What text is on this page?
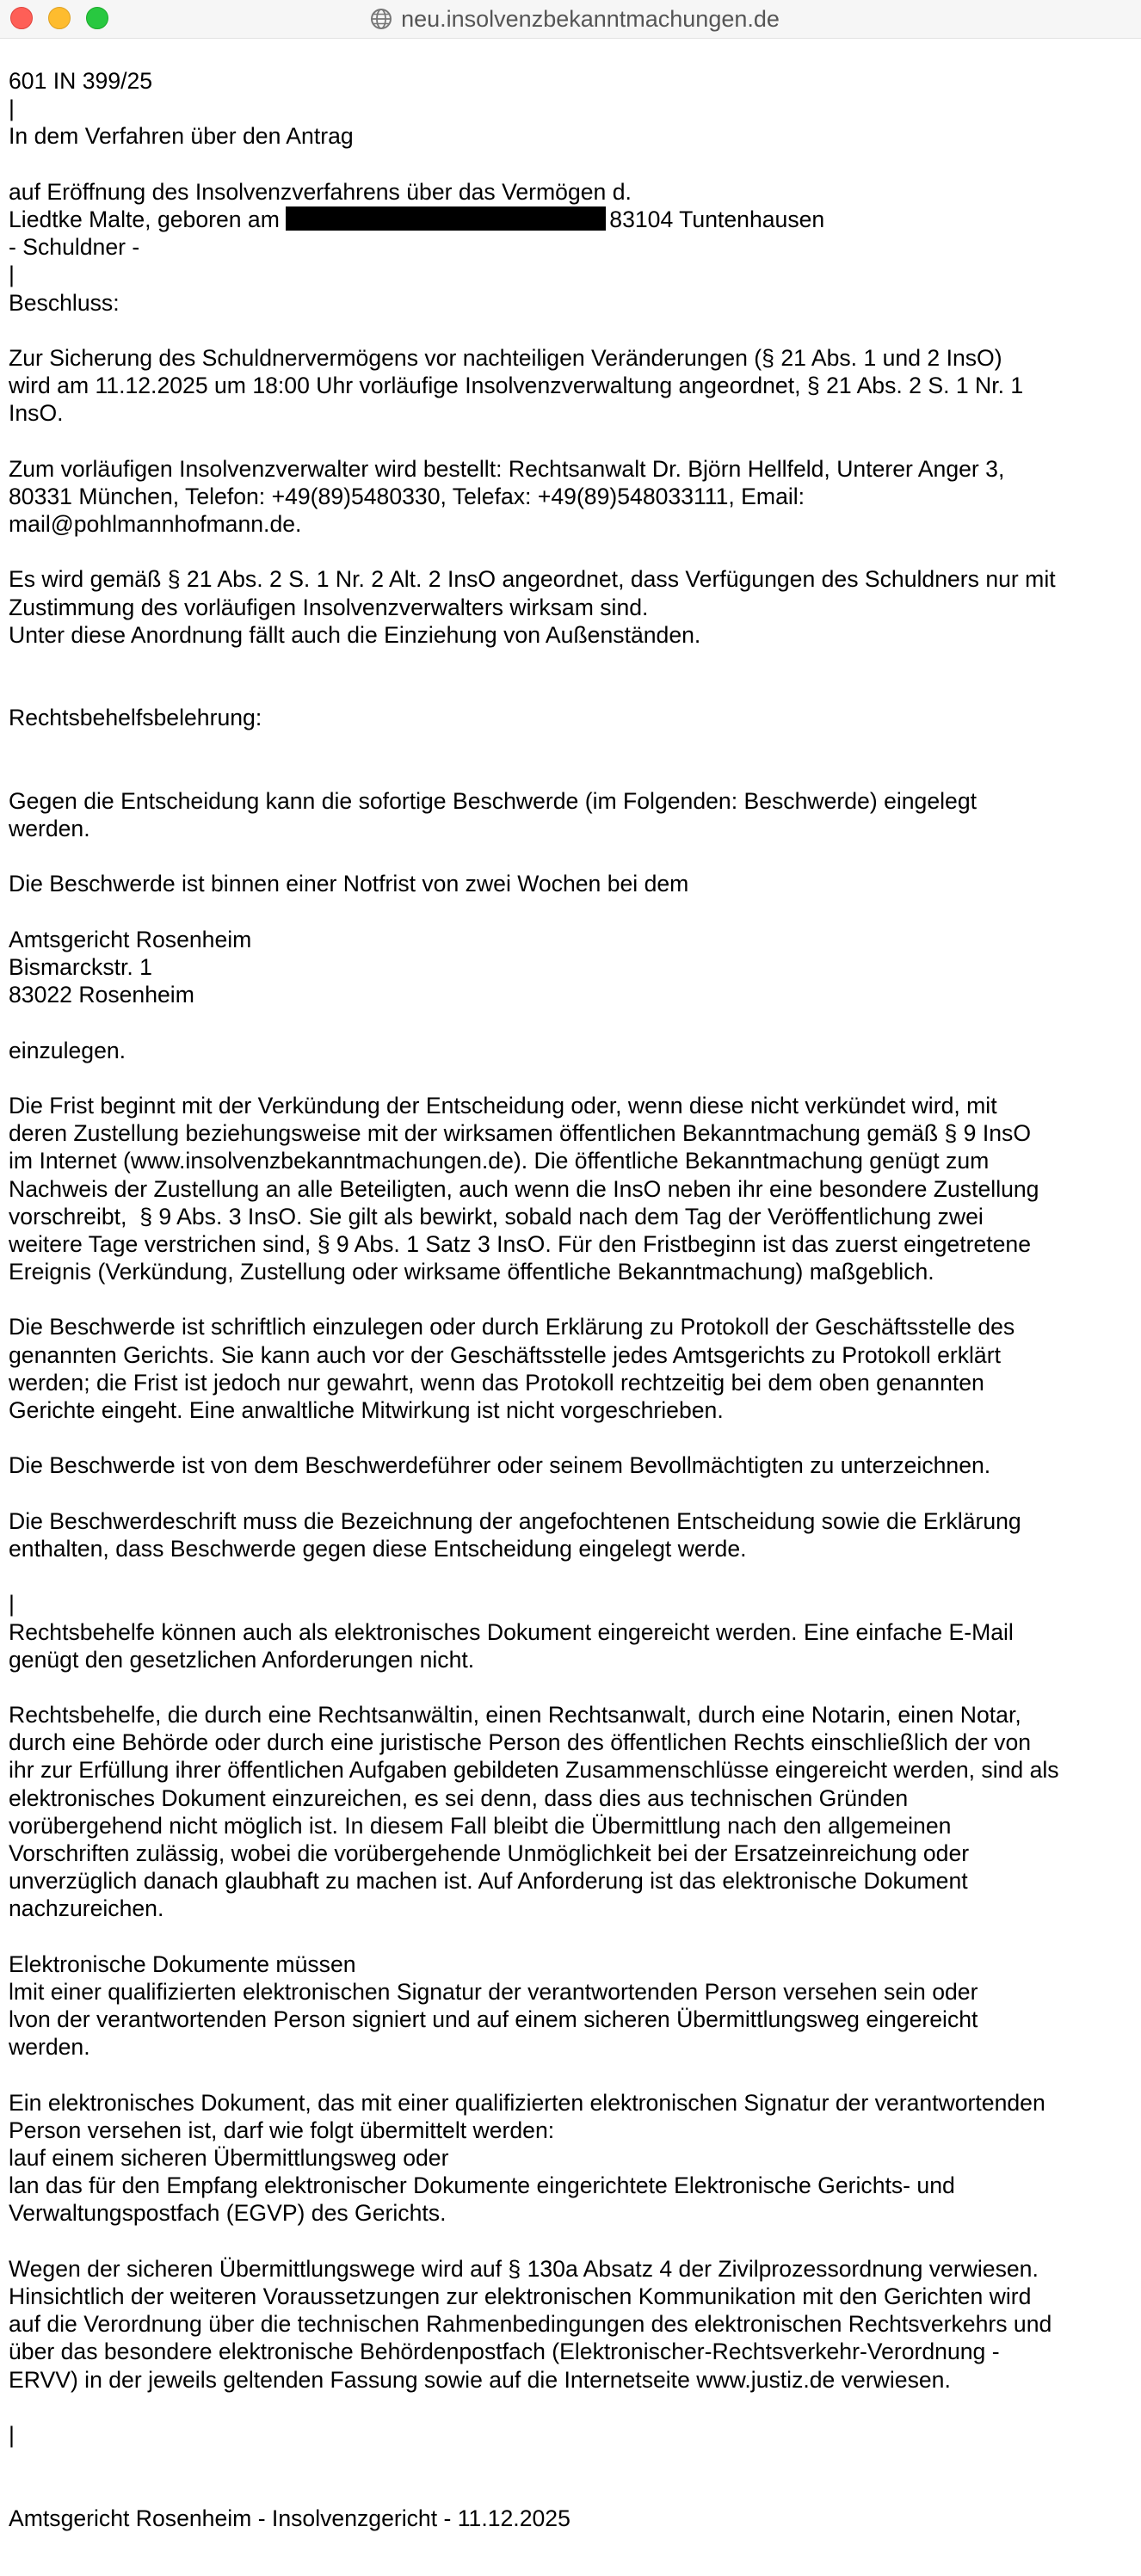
neu.insolvenzbekanntmachungen.de
601 IN 399/25
|
In dem Verfahren über den Antrag
auf Eröffnung des Insolvenzverfahrens über das Vermögen d.
Liedtke Malte, geboren am	83104 Tuntenhausen
- Schuldner -
|
Beschluss:
Zur Sicherung des Schuldnervermögens vor nachteiligen Veränderungen (§ 21 Abs. 1 und 2 InsO)
wird am 11.12.2025 um 18:00 Uhr vorläufige Insolvenzverwaltung angeordnet, § 21 Abs. 2 S. 1 Nr. 1
InsO.
Zum vorläufigen Insolvenzverwalter wird bestellt: Rechtsanwalt Dr. Björn Hellfeld, Unterer Anger 3,
80331 München, Telefon: +49(89)5480330, Telefax: +49(89)548033111, Email:
mail@pohlmannhofmann.de.
Es wird gemäß § 21 Abs. 2 S. 1 Nr. 2 Alt. 2 InsO angeordnet, dass Verfügungen des Schuldners nur mit
Zustimmung des vorläufigen Insolvenzverwalters wirksam sind.
Unter diese Anordnung fällt auch die Einziehung von Außenständen.
Rechtsbehelfsbelehrung:
Gegen die Entscheidung kann die sofortige Beschwerde (im Folgenden: Beschwerde) eingelegt
werden.
Die Beschwerde ist binnen einer Notfrist von zwei Wochen bei dem
Amtsgericht Rosenheim
Bismarckstr. 1
83022 Rosenheim
einzulegen.
Die Frist beginnt mit der Verkündung der Entscheidung oder, wenn diese nicht verkündet wird, mit
deren Zustellung beziehungsweise mit der wirksamen öffentlichen Bekanntmachung gemäß § 9 InsO
im Internet (www.insolvenzbekanntmachungen.de). Die öffentliche Bekanntmachung genügt zum
Nachweis der Zustellung an alle Beteiligten, auch wenn die InsO neben ihr eine besondere Zustellung
vorschreibt,  § 9 Abs. 3 InsO. Sie gilt als bewirkt, sobald nach dem Tag der Veröffentlichung zwei
weitere Tage verstrichen sind, § 9 Abs. 1 Satz 3 InsO. Für den Fristbeginn ist das zuerst eingetretene
Ereignis (Verkündung, Zustellung oder wirksame öffentliche Bekanntmachung) maßgeblich.
Die Beschwerde ist schriftlich einzulegen oder durch Erklärung zu Protokoll der Geschäftsstelle des
genannten Gerichts. Sie kann auch vor der Geschäftsstelle jedes Amtsgerichts zu Protokoll erklärt
werden; die Frist ist jedoch nur gewahrt, wenn das Protokoll rechtzeitig bei dem oben genannten
Gerichte eingeht. Eine anwaltliche Mitwirkung ist nicht vorgeschrieben.
Die Beschwerde ist von dem Beschwerdeführer oder seinem Bevollmächtigten zu unterzeichnen.
Die Beschwerdeschrift muss die Bezeichnung der angefochtenen Entscheidung sowie die Erklärung
enthalten, dass Beschwerde gegen diese Entscheidung eingelegt werde.
|
Rechtsbehelfe können auch als elektronisches Dokument eingereicht werden. Eine einfache E-Mail
genügt den gesetzlichen Anforderungen nicht.
Rechtsbehelfe, die durch eine Rechtsanwältin, einen Rechtsanwalt, durch eine Notarin, einen Notar,
durch eine Behörde oder durch eine juristische Person des öffentlichen Rechts einschließlich der von
ihr zur Erfüllung ihrer öffentlichen Aufgaben gebildeten Zusammenschlüsse eingereicht werden, sind als
elektronisches Dokument einzureichen, es sei denn, dass dies aus technischen Gründen
vorübergehend nicht möglich ist. In diesem Fall bleibt die Übermittlung nach den allgemeinen
Vorschriften zulässig, wobei die vorübergehende Unmöglichkeit bei der Ersatzeinreichung oder
unverzüglich danach glaubhaft zu machen ist. Auf Anforderung ist das elektronische Dokument
nachzureichen.
Elektronische Dokumente müssen
lmit einer qualifizierten elektronischen Signatur der verantwortenden Person versehen sein oder
lvon der verantwortenden Person signiert und auf einem sicheren Übermittlungsweg eingereicht
werden.
Ein elektronisches Dokument, das mit einer qualifizierten elektronischen Signatur der verantwortenden
Person versehen ist, darf wie folgt übermittelt werden:
lauf einem sicheren Übermittlungsweg oder
lan das für den Empfang elektronischer Dokumente eingerichtete Elektronische Gerichts- und
Verwaltungspostfach (EGVP) des Gerichts.
Wegen der sicheren Übermittlungswege wird auf § 130a Absatz 4 der Zivilprozessordnung verwiesen.
Hinsichtlich der weiteren Voraussetzungen zur elektronischen Kommunikation mit den Gerichten wird
auf die Verordnung über die technischen Rahmenbedingungen des elektronischen Rechtsverkehrs und
über das besondere elektronische Behördenpostfach (Elektronischer-Rechtsverkehr-Verordnung -
ERVV) in der jeweils geltenden Fassung sowie auf die Internetseite www.justiz.de verwiesen.
|
Amtsgericht Rosenheim - Insolvenzgericht - 11.12.2025
